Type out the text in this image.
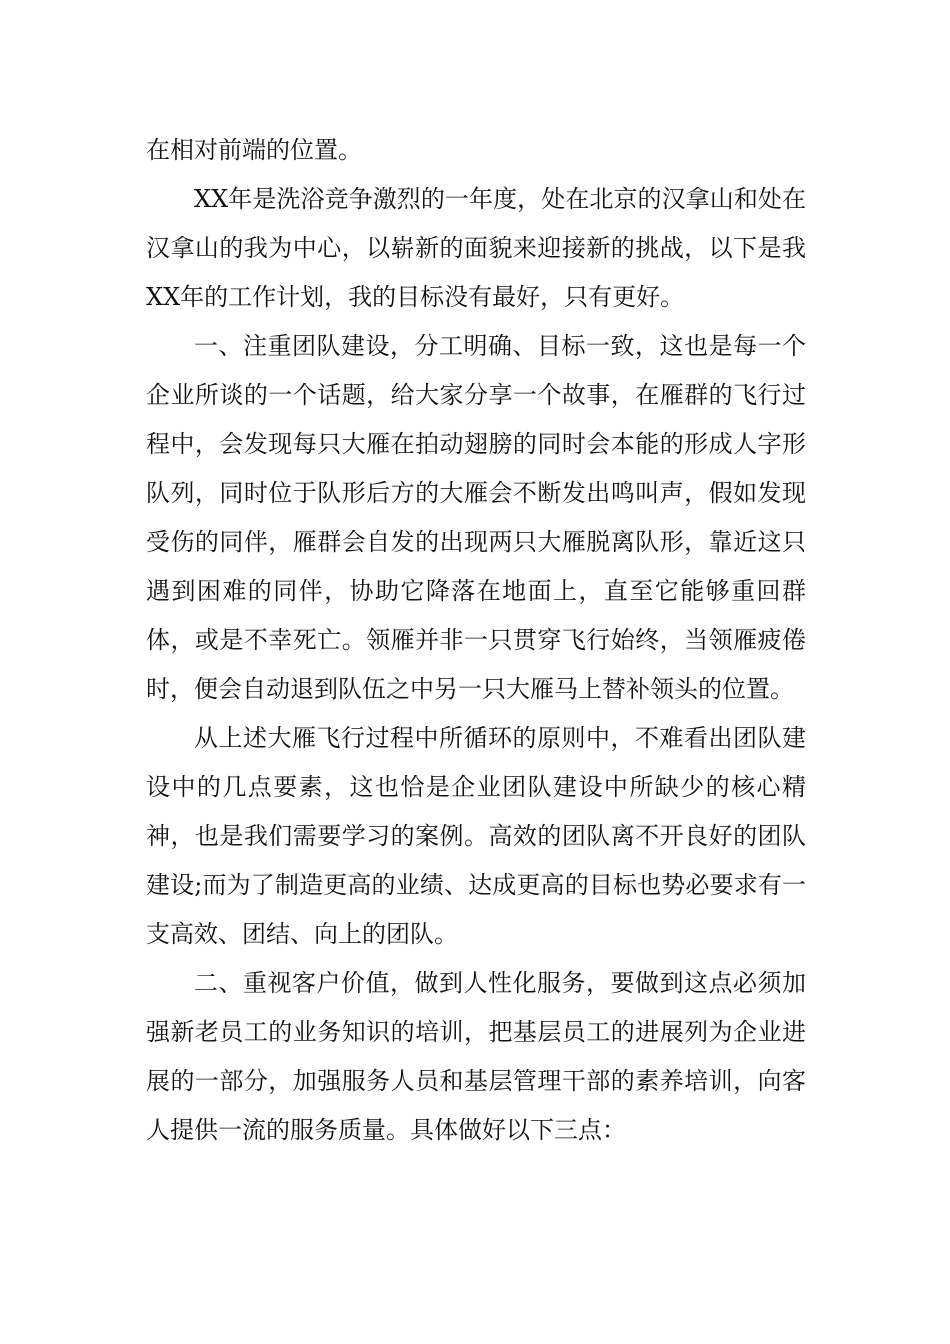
在相对前端的位置。

XX年是洗浴竞争激烈的一年度，处在北京的汉拿山和处在汉拿山的我为中心，以崭新的面貌来迎接新的挑战，以下是我XX年的工作计划，我的目标没有最好，只有更好。

一、注重团队建设，分工明确、目标一致，这也是每一个企业所谈的一个话题，给大家分享一个故事，在雁群的飞行过程中，会发现每只大雁在拍动翅膀的同时会本能的形成人字形队列，同时位于队形后方的大雁会不断发出鸣叫声，假如发现受伤的同伴，雁群会自发的出现两只大雁脱离队形，靠近这只遇到困难的同伴，协助它降落在地面上，直至它能够重回群体，或是不幸死亡。领雁并非一只贯穿飞行始终，当领雁疲倦时，便会自动退到队伍之中另一只大雁马上替补领头的位置。

从上述大雁飞行过程中所循环的原则中，不难看出团队建设中的几点要素，这也恰是企业团队建设中所缺少的核心精神，也是我们需要学习的案例。高效的团队离不开良好的团队建设;而为了制造更高的业绩、达成更高的目标也势必要求有一支高效、团结、向上的团队。

二、重视客户价值，做到人性化服务，要做到这点必须加强新老员工的业务知识的培训，把基层员工的进展列为企业进展的一部分，加强服务人员和基层管理干部的素养培训，向客人提供一流的服务质量。具体做好以下三点：
